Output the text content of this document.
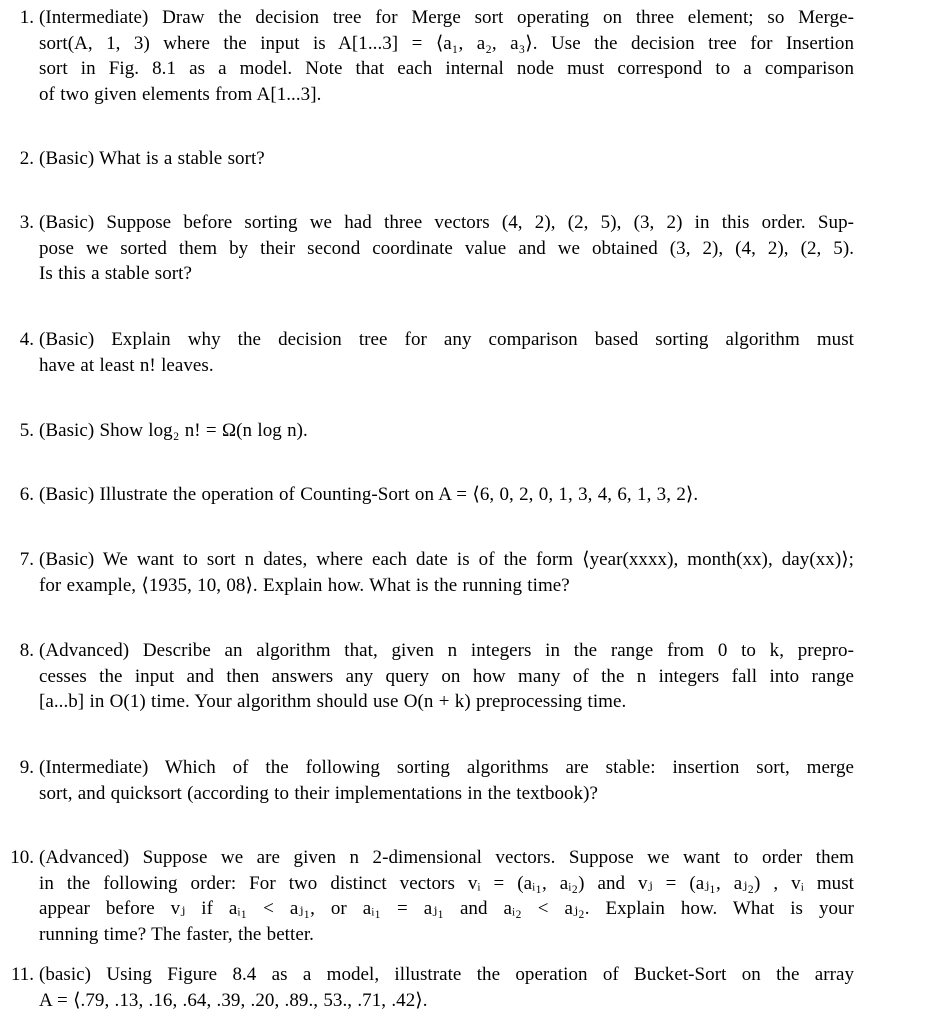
1. (Intermediate) Draw the decision tree for Merge sort operating on three element; so Merge-
sort(A, 1, 3) where the input is A[1...3] = ⟨a₁, a₂, a₃⟩. Use the decision tree for Insertion
sort in Fig. 8.1 as a model. Note that each internal node must correspond to a comparison
of two given elements from A[1...3].
2. (Basic) What is a stable sort?
3. (Basic) Suppose before sorting we had three vectors (4, 2), (2, 5), (3, 2) in this order. Sup-
pose we sorted them by their second coordinate value and we obtained (3, 2), (4, 2), (2, 5).
Is this a stable sort?
4. (Basic) Explain why the decision tree for any comparison based sorting algorithm must
have at least n! leaves.
5. (Basic) Show log₂ n! = Ω(n log n).
6. (Basic) Illustrate the operation of Counting-Sort on A = ⟨6, 0, 2, 0, 1, 3, 4, 6, 1, 3, 2⟩.
7. (Basic) We want to sort n dates, where each date is of the form ⟨year(xxxx), month(xx), day(xx)⟩;
for example, ⟨1935, 10, 08⟩. Explain how. What is the running time?
8. (Advanced) Describe an algorithm that, given n integers in the range from 0 to k, prepro-
cesses the input and then answers any query on how many of the n integers fall into range
[a...b] in O(1) time. Your algorithm should use O(n + k) preprocessing time.
9. (Intermediate) Which of the following sorting algorithms are stable: insertion sort, merge
sort, and quicksort (according to their implementations in the textbook)?
10. (Advanced) Suppose we are given n 2-dimensional vectors. Suppose we want to order them
in the following order: For two distinct vectors vᵢ = (aᵢ₁, aᵢ₂) and vⱼ = (aⱼ₁, aⱼ₂) , vᵢ must
appear before vⱼ if aᵢ₁ < aⱼ₁, or aᵢ₁ = aⱼ₁ and aᵢ₂ < aⱼ₂. Explain how. What is your
running time? The faster, the better.
11. (basic) Using Figure 8.4 as a model, illustrate the operation of Bucket-Sort on the array
A = ⟨.79, .13, .16, .64, .39, .20, .89., 53., .71, .42⟩.
